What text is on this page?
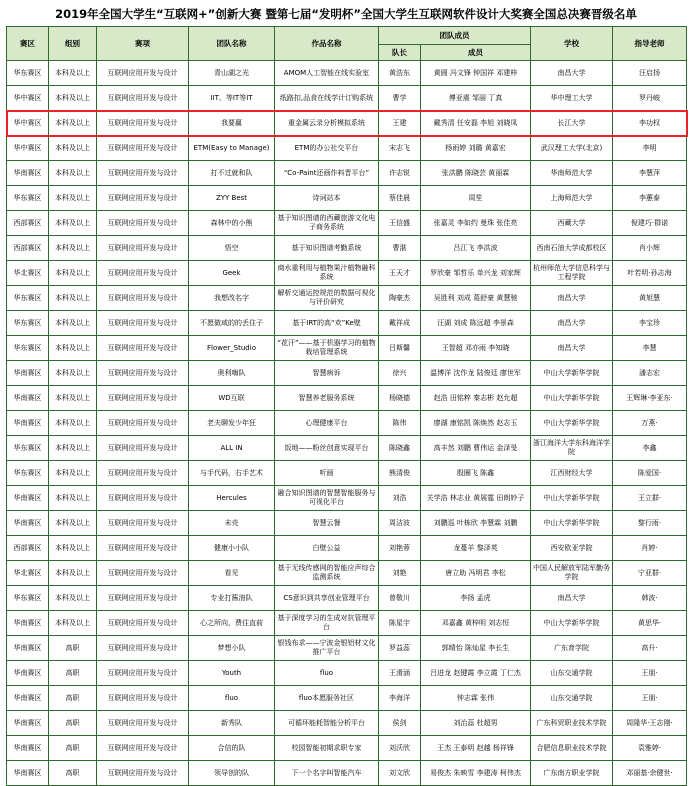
2019年全国大学生“互联网+”创新大赛 暨第七届“发明杯”全国大学生互联网软件设计大奖赛全国总决赛晋级名单
赛区	组别	赛项	团队名称	作品名称	团队成员		学校	指导老师
					队长	成员		
华东赛区	本科及以上	互联网应用开发与设计	青山湖之光	AMOM人工智能在线实验室	黄浩东	黄圆 冯文锋 钟国祥 邓建梓	南昌大学	汪启扬
华中赛区	本科及以上	互联网应用开发与设计	IIT、等IT等IT	纸路扣,品食在线学计订购系统	曹学	傅亚震 邹丽 丁真	华中理工大学	罗丹峻
华中赛区	本科及以上	互联网应用开发与设计	我要赢	重金属云录分析模拟系统	王建	戴秀清 任安磊 李旭 刘晓凤	长江大学	李功权
华中赛区	本科及以上	互联网应用开发与设计	ETM(Easy to Manage)	ETM的办公社交平台	宋志飞	杨雨婷 刘璐 黄嘉宏	武汉理工大学(北京)	李明
华南赛区	本科及以上	互联网应用开发与设计	打不过就和队	“Co-Paint还画作料晋平台”	许志锐	张洪鹏 陈晓芸 黄丽霖	华南师范大学	李慧萍
华东赛区	本科及以上	互联网应用开发与设计	ZYY Best	诗词站本	蔡佳晨	周笙	上海师范大学	李蕙泰
西部赛区	本科及以上	互联网应用开发与设计	森林中的小熊	基于知识图谱的西藏旅游文化电子商务系统	王信盛	张嘉灵 李如约 曼珠 张佳亮	西藏大学	倪建巧·群诺
西部赛区	本科及以上	互联网应用开发与设计	悟空	基于知识图谱考勤系统	曹湛	吕江飞 李洪波	西南石油大学成都校区	肖小辉
华北赛区	本科及以上	互联网应用开发与设计	Geek	商水重利用与植物果汁植物融科系统	王天才	罗欣豪 邹哲乐 单兴龙 刘家辉	杭州师范大学信息科学与工程学院	叶若明·孙志海
华东赛区	本科及以上	互联网应用开发与设计	我想改名字	解析交通运控规范的数据可视化与评价研究	陶豪杰	吴胜利 刘成 葛舒豪 黄慧驰	南昌大学	黄旭慧
华东赛区	本科及以上	互联网应用开发与设计	不愿做咸的的丢住子	基于IRT的高“欢”Ke壁	戴祥成	汪湖 刘成 陈远超 李景森	南昌大学	李宝珍
华东赛区	本科及以上	互联网应用开发与设计	Flower_Studio	“花汗”——基于机器学习的植物栽培管理系统	吕斯馨	王智超 邓亦雨 李知晓	南昌大学	李慧
华南赛区	本科及以上	互联网应用开发与设计	奥利嗨队	智慧病诉	徐兴	温博洋 沈作龙 陆俊廷 廖世军	中山大学新华学院	潘志宏
华南赛区	本科及以上	互联网应用开发与设计	WD互联	智慧养老服务系统	杨晓德	赵浩 田铭粹 秦志彬 赵允超	中山大学新华学院	王辉琳·李亚东·
华南赛区	本科及以上	互联网应用开发与设计	老夫聊发少年狂	心理健康平台	陈伟	廖湖 康铭凯 陈焕然 赵志玉	中山大学新华学院	万燕·
华东赛区	本科及以上	互联网应用开发与设计	ALL IN	饭地——粉丝创意实现平台	陈晓鑫	高丰然 刘鹏 曹伟运 金泽旻	浙江海洋大学东科海洋学院	李鑫
华东赛区	本科及以上	互联网应用开发与设计	与手代码，右手艺术	听画	熊清俊	殷圈飞 陈鑫	江西财经大学	陈爱国·
华南赛区	本科及以上	互联网应用开发与设计	Hercules	融合知识图谱的智慧智能服务与可视化平台	刘浩	关学浩 林志业 黄展霆 田朗妙子	中山大学新华学院	王立群·
华南赛区	本科及以上	互联网应用开发与设计	未壳	智慧云餐	周洁波	刘鹏巡 叶栋欣 李慧霖 刘鹏	中山大学新华学院	黎行雨·
西部赛区	本科及以上	互联网应用开发与设计	健康小小队	白壁公益	刘艳蓉	龙蔓羊 黎泽英	西安欧亚学院	肖婷·
华北赛区	本科及以上	互联网应用开发与设计	看见	基于无线传感网的智能应声综合监测系统	刘艳	唐立助 冯明君 李松	中国人民解放军陆军勤务学院	宁亚群·
华东赛区	本科及以上	互联网应用开发与设计	专业打酱油队	CS意识到共享创业管理平台	曾敬川	李扬 孟虎	南昌大学	韩波·
华南赛区	本科及以上	互联网应用开发与设计	心之所向，费往直前	基于深度学习的生成对抗管理平台	陈星宇	邓嘉鑫 黄梓明 刘志恒	中山大学新华学院	黄思华·
华南赛区	高职	互联网应用开发与设计	梦想小队	银钱布求——宁波金银铝材文化推广平台	罗益蕊	郭晴怡 陈灿星 李长生	广东育学院	高升·
华南赛区	高职	互联网应用开发与设计	Youth	fluo	王滑涵	吕进龙 赵键霞 李立霞 丁仁杰	山东交通学院	王朋·
华南赛区	高职	互联网应用开发与设计	fluo	fluo本愿服务社区	李海洋	钟志霖 张伟	山东交通学院	王朋·
华南赛区	高职	互联网应用开发与设计	新秀队	可循环能耗智能分析平台	侯剑	刘治蕊 杜超男	广东科贸职业技术学院	周隆华·王志刚·
华南赛区	高职	互联网应用开发与设计	合信的队	校园智能初期求职专家	刘沃欣	王杰 王泰明 赵越 杨祥锋	合肥信息职业技术学院	袁雅婷·
华南赛区	高职	互联网应用开发与设计	领导创的队	下一个名字叫智能汽车	刘文欣	易俊杰 朱映雪 李建涛 柯伟杰	广东南方职业学院	邓丽基·余健世·
